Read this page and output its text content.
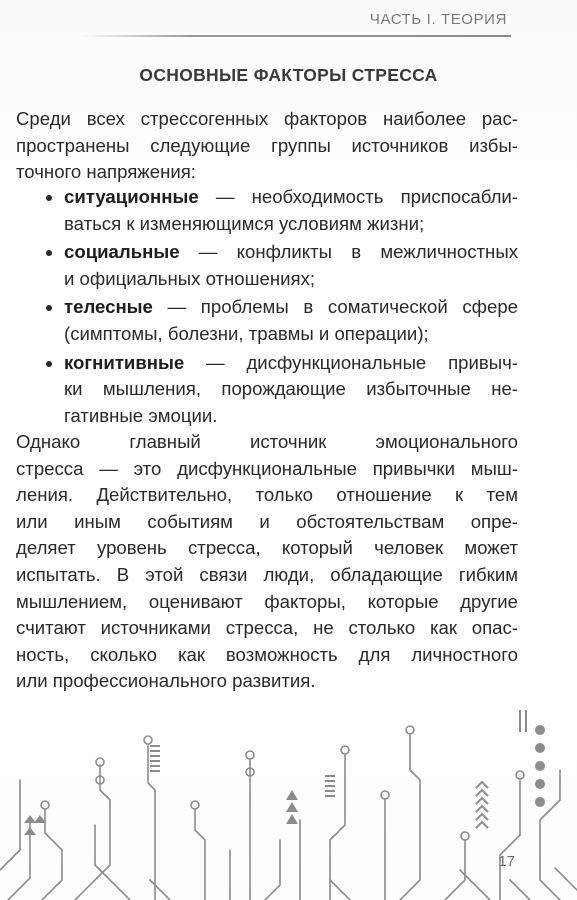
ЧАСТЬ I. ТЕОРИЯ
ОСНОВНЫЕ ФАКТОРЫ СТРЕССА
Среди всех стрессогенных факторов наиболее рас-
пространены следующие группы источников избы-
точного напряжения:
ситуационные — необходимость приспосабли-
ваться к изменяющимся условиям жизни;
социальные — конфликты в межличностных
и официальных отношениях;
телесные — проблемы в соматической сфере
(симптомы, болезни, травмы и операции);
когнитивные — дисфункциональные привыч-
ки мышления, порождающие избыточные не-
гативные эмоции.
Однако главный источник эмоционального
стресса — это дисфункциональные привычки мыш-
ления. Действительно, только отношение к тем
или иным событиям и обстоятельствам опре-
деляет уровень стресса, который человек может
испытать. В этой связи люди, обладающие гибким
мышлением, оценивают факторы, которые другие
считают источниками стресса, не столько как опас-
ность, сколько как возможность для личностного
или профессионального развития.
17
